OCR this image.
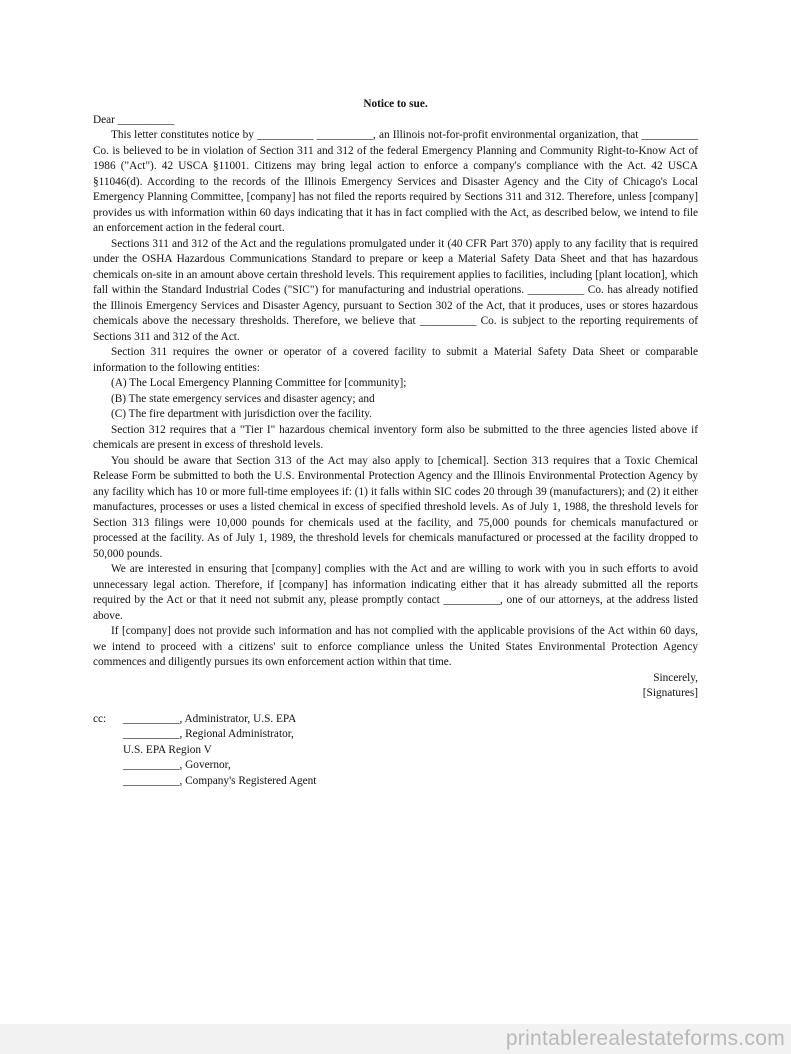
Notice to sue.

Dear __________

This letter constitutes notice by __________ __________, an Illinois not-for-profit environmental organization, that __________ Co. is believed to be in violation of Section 311 and 312 of the federal Emergency Planning and Community Right-to-Know Act of 1986 ("Act"). 42 USCA §11001. Citizens may bring legal action to enforce a company's compliance with the Act. 42 USCA §11046(d). According to the records of the Illinois Emergency Services and Disaster Agency and the City of Chicago's Local Emergency Planning Committee, [company] has not filed the reports required by Sections 311 and 312. Therefore, unless [company] provides us with information within 60 days indicating that it has in fact complied with the Act, as described below, we intend to file an enforcement action in the federal court.

Sections 311 and 312 of the Act and the regulations promulgated under it (40 CFR Part 370) apply to any facility that is required under the OSHA Hazardous Communications Standard to prepare or keep a Material Safety Data Sheet and that has hazardous chemicals on-site in an amount above certain threshold levels. This requirement applies to facilities, including [plant location], which fall within the Standard Industrial Codes ("SIC") for manufacturing and industrial operations. __________ Co. has already notified the Illinois Emergency Services and Disaster Agency, pursuant to Section 302 of the Act, that it produces, uses or stores hazardous chemicals above the necessary thresholds. Therefore, we believe that __________ Co. is subject to the reporting requirements of Sections 311 and 312 of the Act.

Section 311 requires the owner or operator of a covered facility to submit a Material Safety Data Sheet or comparable information to the following entities:

(A) The Local Emergency Planning Committee for [community];

(B) The state emergency services and disaster agency; and

(C) The fire department with jurisdiction over the facility.

Section 312 requires that a "Tier I" hazardous chemical inventory form also be submitted to the three agencies listed above if chemicals are present in excess of threshold levels.

You should be aware that Section 313 of the Act may also apply to [chemical]. Section 313 requires that a Toxic Chemical Release Form be submitted to both the U.S. Environmental Protection Agency and the Illinois Environmental Protection Agency by any facility which has 10 or more full-time employees if: (1) it falls within SIC codes 20 through 39 (manufacturers); and (2) it either manufactures, processes or uses a listed chemical in excess of specified threshold levels. As of July 1, 1988, the threshold levels for Section 313 filings were 10,000 pounds for chemicals used at the facility, and 75,000 pounds for chemicals manufactured or processed at the facility. As of July 1, 1989, the threshold levels for chemicals manufactured or processed at the facility dropped to 50,000 pounds.

We are interested in ensuring that [company] complies with the Act and are willing to work with you in such efforts to avoid unnecessary legal action. Therefore, if [company] has information indicating either that it has already submitted all the reports required by the Act or that it need not submit any, please promptly contact __________, one of our attorneys, at the address listed above.

If [company] does not provide such information and has not complied with the applicable provisions of the Act within 60 days, we intend to proceed with a citizens' suit to enforce compliance unless the United States Environmental Protection Agency commences and diligently pursues its own enforcement action within that time.

Sincerely,

[Signatures]

cc:	__________, Administrator, U.S. EPA

__________, Regional Administrator,

U.S. EPA Region V

__________, Governor,

__________, Company's Registered Agent

printablerealestateforms.com
